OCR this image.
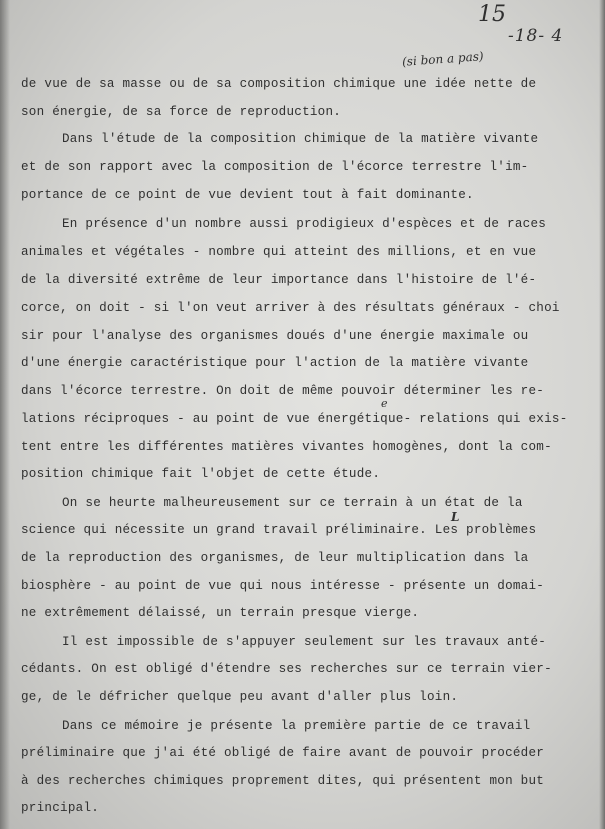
15
-18- 4
(si bon a pas)
e
L
de vue de sa masse ou de sa composition chimique une idée nette de
son énergie, de sa force de reproduction.
Dans l'étude de la composition chimique de la matière vivante
et de son rapport avec la composition de l'écorce terrestre l'im-
portance de ce point de vue devient tout à fait dominante.
En présence d'un nombre aussi prodigieux d'espèces et de races
animales et végétales - nombre qui atteint des millions, et en vue
de la diversité extrême de leur importance dans l'histoire de l'é-
corce, on doit - si l'on veut arriver à des résultats généraux - choi
sir pour l'analyse des organismes doués d'une énergie maximale ou
d'une énergie caractéristique pour l'action de la matière vivante
dans l'écorce terrestre. On doit de même pouvoir déterminer les re-
lations réciproques - au point de vue énergétique- relations qui exis-
tent entre les différentes matières vivantes homogènes, dont la com-
position chimique fait l'objet de cette étude.
On se heurte malheureusement sur ce terrain à un état de la
science qui nécessite un grand travail préliminaire. Les problèmes
de la reproduction des organismes, de leur multiplication dans la
biosphère - au point de vue qui nous intéresse - présente un domai-
ne extrêmement délaissé, un terrain presque vierge.
Il est impossible de s'appuyer seulement sur les travaux anté-
cédants. On est obligé d'étendre ses recherches sur ce terrain vier-
ge, de le défricher quelque peu avant d'aller plus loin.
Dans ce mémoire je présente la première partie de ce travail
préliminaire que j'ai été obligé de faire avant de pouvoir procéder
à des recherches chimiques proprement dites, qui présentent mon but
principal.
